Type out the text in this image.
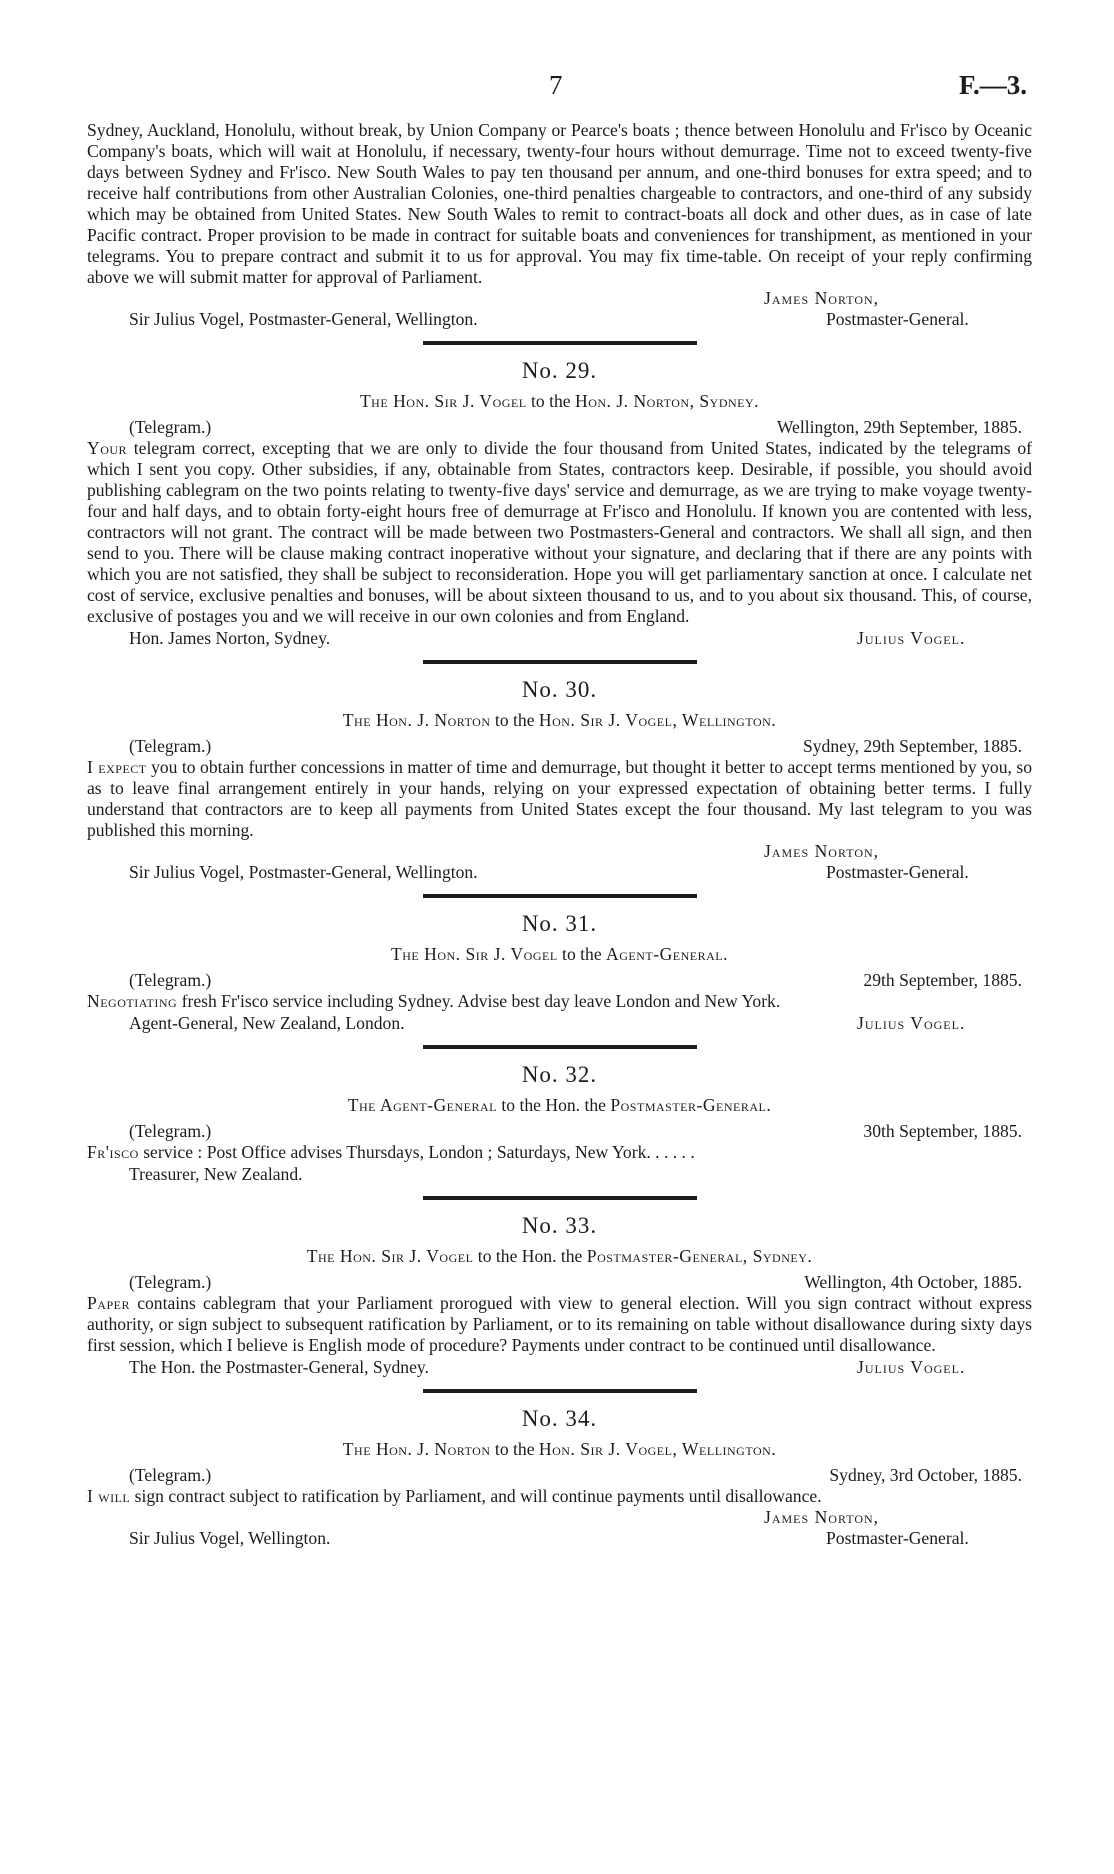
7	F.—3.

Sydney, Auckland, Honolulu, without break, by Union Company or Pearce's boats ; thence between Honolulu and Fr'isco by Oceanic Company's boats, which will wait at Honolulu, if necessary, twenty-four hours without demurrage. Time not to exceed twenty-five days between Sydney and Fr'isco. New South Wales to pay ten thousand per annum, and one-third bonuses for extra speed; and to receive half contributions from other Australian Colonies, one-third penalties chargeable to contractors, and one-third of any subsidy which may be obtained from United States. New South Wales to remit to contract-boats all dock and other dues, as in case of late Pacific contract. Proper provision to be made in contract for suitable boats and conveniences for transhipment, as mentioned in your telegrams. You to prepare contract and submit it to us for approval. You may fix time-table. On receipt of your reply confirming above we will submit matter for approval of Parliament.

James Norton,
Sir Julius Vogel, Postmaster-General, Wellington.	Postmaster-General.
No. 29.
The Hon. Sir J. Vogel to the Hon. J. Norton, Sydney.
(Telegram.)	Wellington, 29th September, 1885.

Your telegram correct, excepting that we are only to divide the four thousand from United States, indicated by the telegrams of which I sent you copy. Other subsidies, if any, obtainable from States, contractors keep. Desirable, if possible, you should avoid publishing cablegram on the two points relating to twenty-five days' service and demurrage, as we are trying to make voyage twenty-four and half days, and to obtain forty-eight hours free of demurrage at Fr'isco and Honolulu. If known you are contented with less, contractors will not grant. The contract will be made between two Postmasters-General and contractors. We shall all sign, and then send to you. There will be clause making contract inoperative without your signature, and declaring that if there are any points with which you are not satisfied, they shall be subject to reconsideration. Hope you will get parliamentary sanction at once. I calculate net cost of service, exclusive penalties and bonuses, will be about sixteen thousand to us, and to you about six thousand. This, of course, exclusive of postages you and we will receive in our own colonies and from England.

Hon. James Norton, Sydney.	Julius Vogel.
No. 30.
The Hon. J. Norton to the Hon. Sir J. Vogel, Wellington.
(Telegram.)	Sydney, 29th September, 1885.

I expect you to obtain further concessions in matter of time and demurrage, but thought it better to accept terms mentioned by you, so as to leave final arrangement entirely in your hands, relying on your expressed expectation of obtaining better terms. I fully understand that contractors are to keep all payments from United States except the four thousand. My last telegram to you was published this morning.

James Norton,
Sir Julius Vogel, Postmaster-General, Wellington.	Postmaster-General.
No. 31.
The Hon. Sir J. Vogel to the Agent-General.
(Telegram.)	29th September, 1885.

Negotiating fresh Fr'isco service including Sydney. Advise best day leave London and New York.

Agent-General, New Zealand, London.	Julius Vogel.
No. 32.
The Agent-General to the Hon. the Postmaster-General.
(Telegram.)	30th September, 1885.

Fr'isco service : Post Office advises Thursdays, London ; Saturdays, New York. . . . . .

Treasurer, New Zealand.
No. 33.
The Hon. Sir J. Vogel to the Hon. the Postmaster-General, Sydney.
(Telegram.)	Wellington, 4th October, 1885.

Paper contains cablegram that your Parliament prorogued with view to general election. Will you sign contract without express authority, or sign subject to subsequent ratification by Parliament, or to its remaining on table without disallowance during sixty days first session, which I believe is English mode of procedure? Payments under contract to be continued until disallowance.

The Hon. the Postmaster-General, Sydney.	Julius Vogel.
No. 34.
The Hon. J. Norton to the Hon. Sir J. Vogel, Wellington.
(Telegram.)	Sydney, 3rd October, 1885.

I will sign contract subject to ratification by Parliament, and will continue payments until disallowance.

James Norton,
Sir Julius Vogel, Wellington.	Postmaster-General.
